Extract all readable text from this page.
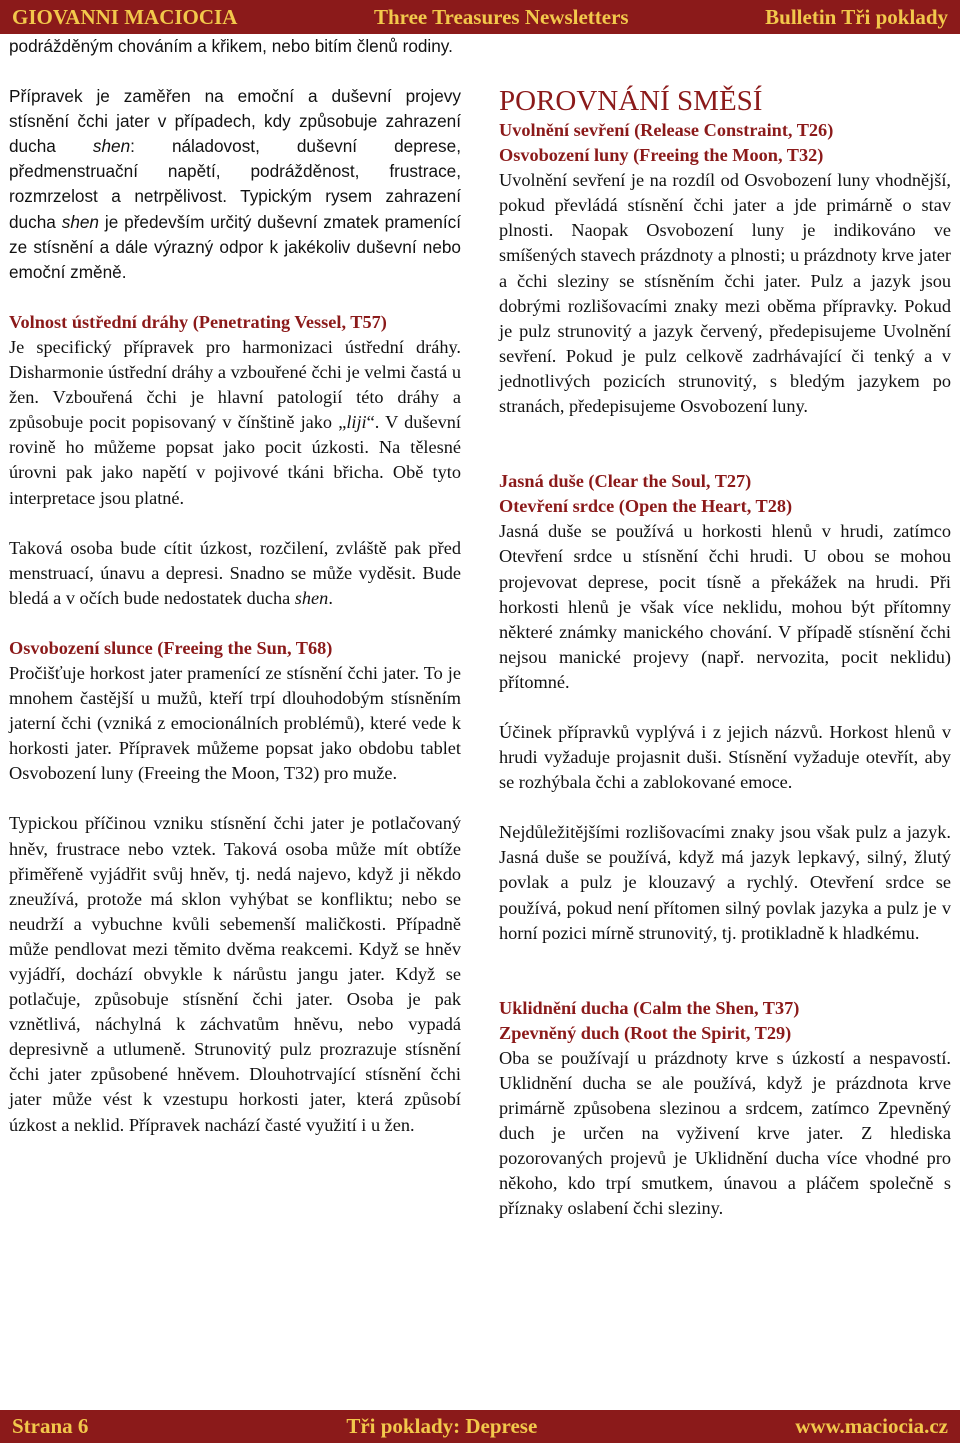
GIOVANNI MACIOCIA	Three Treasures Newsletters	Bulletin Tři poklady

podrážděným chováním a křikem, nebo bitím členů rodiny.

Přípravek je zaměřen na emoční a duševní projevy stísnění čchi jater v případech, kdy způsobuje zahrazení ducha shen: náladovost, duševní deprese, předmenstruační napětí, podrážděnost, frustrace, rozmrzelost a netrpělivost. Typickým rysem zahrazení ducha shen je především určitý duševní zmatek pramenící ze stísnění a dále výrazný odpor k jakékoliv duševní nebo emoční změně.

Volnost ústřední dráhy (Penetrating Vessel, T57)

Je specifický přípravek pro harmonizaci ústřední dráhy. Disharmonie ústřední dráhy a vzbouřené čchi je velmi častá u žen. Vzbouřená čchi je hlavní patologií této dráhy a způsobuje pocit popisovaný v čínštině jako „liji“. V duševní rovině ho můžeme popsat jako pocit úzkosti. Na tělesné úrovni pak jako napětí v pojivové tkáni břicha. Obě tyto interpretace jsou platné.

Taková osoba bude cítit úzkost, rozčilení, zvláště pak před menstruací, únavu a depresi. Snadno se může vyděsit. Bude bledá a v očích bude nedostatek ducha shen.

Osvobození slunce (Freeing the Sun, T68)

Pročišťuje horkost jater pramenící ze stísnění čchi jater. To je mnohem častější u mužů, kteří trpí dlouhodobým stísněním jaterní čchi (vzniká z emocionálních problémů), které vede k horkosti jater. Přípravek můžeme popsat jako obdobu tablet Osvobození luny (Freeing the Moon, T32) pro muže.

Typickou příčinou vzniku stísnění čchi jater je potlačovaný hněv, frustrace nebo vztek. Taková osoba může mít obtíže přiměřeně vyjádřit svůj hněv, tj. nedá najevo, když ji někdo zneužívá, protože má sklon vyhýbat se konfliktu; nebo se neudrží a vybuchne kvůli sebemenší maličkosti. Případně může pendlovat mezi těmito dvěma reakcemi. Když se hněv vyjádří, dochází obvykle k nárůstu jangu jater. Když se potlačuje, způsobuje stísnění čchi jater. Osoba je pak vznětlivá, náchylná k záchvatům hněvu, nebo vypadá depresivně a utlumeně. Strunovitý pulz prozrazuje stísnění čchi jater způsobené hněvem. Dlouhotrvající stísnění čchi jater může vést k vzestupu horkosti jater, která způsobí úzkost a neklid. Přípravek nachází časté využití i u žen.

POROVNÁNÍ SMĚSÍ
Uvolnění sevření (Release Constraint, T26)
Osvobození luny (Freeing the Moon, T32)

Uvolnění sevření je na rozdíl od Osvobození luny vhodnější, pokud převládá stísnění čchi jater a jde primárně o stav plnosti. Naopak Osvobození luny je indikováno ve smíšených stavech prázdnoty a plnosti; u prázdnoty krve jater a čchi sleziny se stísněním čchi jater. Pulz a jazyk jsou dobrými rozlišovacími znaky mezi oběma přípravky. Pokud je pulz strunovitý a jazyk červený, předepisujeme Uvolnění sevření. Pokud je pulz celkově zadrhávající či tenký a v jednotlivých pozicích strunovitý, s bledým jazykem po stranách, předepisujeme Osvobození luny.

Jasná duše (Clear the Soul, T27)
Otevření srdce (Open the Heart, T28)

Jasná duše se používá u horkosti hlenů v hrudi, zatímco Otevření srdce u stísnění čchi hrudi. U obou se mohou projevovat deprese, pocit tísně a překážek na hrudi. Při horkosti hlenů je však více neklidu, mohou být přítomny některé známky manického chování. V případě stísnění čchi nejsou manické projevy (např. nervozita, pocit neklidu) přítomné.

Účinek přípravků vyplývá i z jejich názvů. Horkost hlenů v hrudi vyžaduje projasnit duši. Stísnění vyžaduje otevřít, aby se rozhýbala čchi a zablokované emoce.

Nejdůležitějšími rozlišovacími znaky jsou však pulz a jazyk. Jasná duše se používá, když má jazyk lepkavý, silný, žlutý povlak a pulz je klouzavý a rychlý. Otevření srdce se používá, pokud není přítomen silný povlak jazyka a pulz je v horní pozici mírně strunovitý, tj. protikladně k hladkému.

Uklidnění ducha (Calm the Shen, T37)
Zpevněný duch (Root the Spirit, T29)

Oba se používají u prázdnoty krve s úzkostí a nespavostí. Uklidnění ducha se ale používá, když je prázdnota krve primárně způsobena slezinou a srdcem, zatímco Zpevněný duch je určen na vyživení krve jater. Z hlediska pozorovaných projevů je Uklidnění ducha více vhodné pro někoho, kdo trpí smutkem, únavou a pláčem společně s příznaky oslabení čchi sleziny.

Strana 6	Tři poklady: Deprese	www.maciocia.cz
